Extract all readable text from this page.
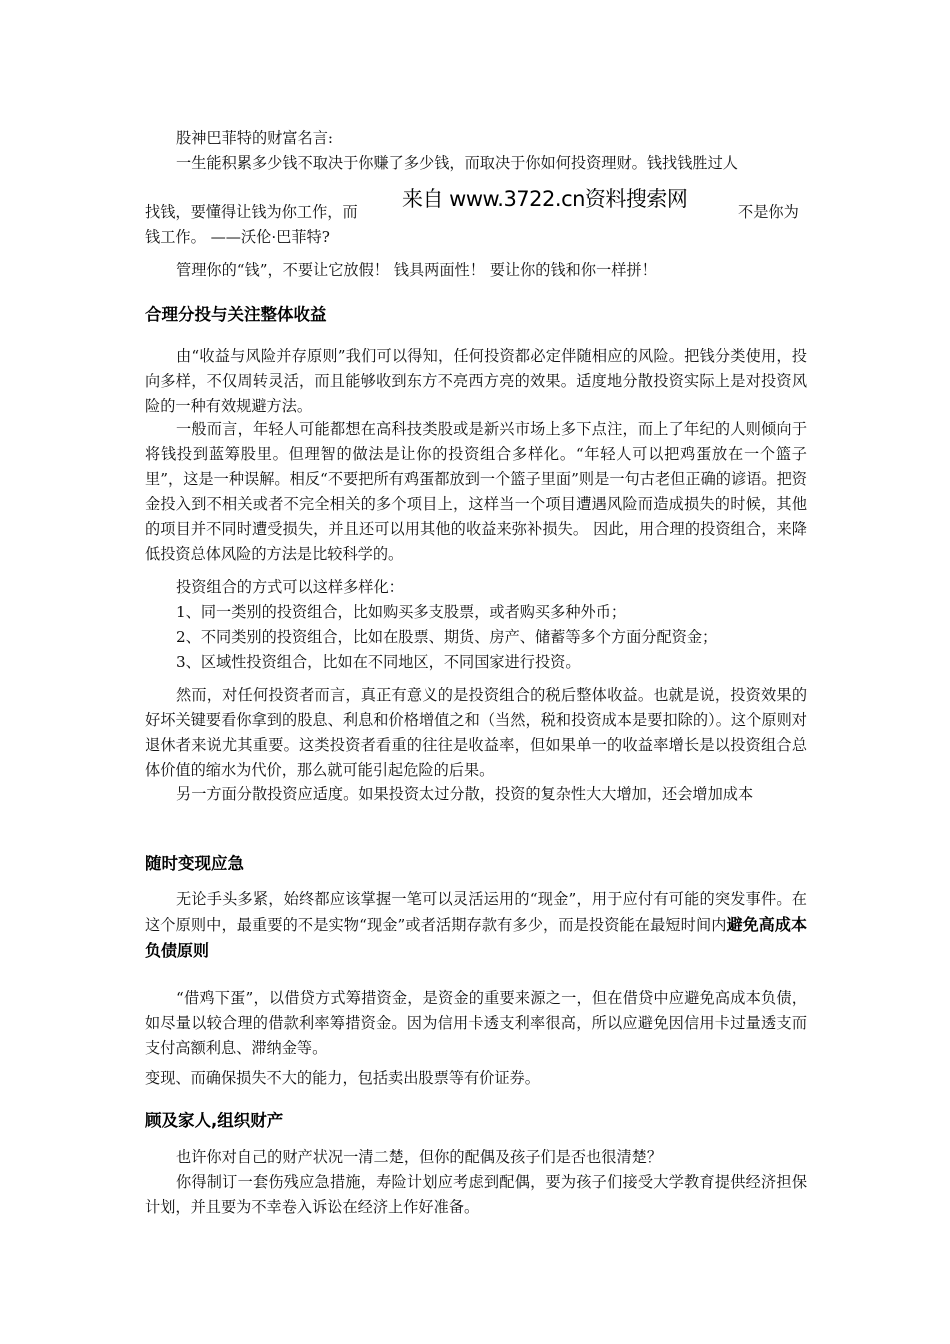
股神巴菲特的财富名言:
一生能积累多少钱不取决于你赚了多少钱，而取决于你如何投资理财。钱找钱胜过人
找钱，要懂得让钱为你工作，而	不是你为
来自 www.3722.cn资料搜索网
钱工作。 ——沃伦·巴菲特?
管理你的“钱”，不要让它放假！ 钱具两面性！ 要让你的钱和你一样拼！
合理分投与关注整体收益
由“收益与风险并存原则”我们可以得知，任何投资都必定伴随相应的风险。把钱分类使用，投向多样，不仅周转灵活，而且能够收到东方不亮西方亮的效果。适度地分散投资实际上是对投资风险的一种有效规避方法。
一般而言，年轻人可能都想在高科技类股或是新兴市场上多下点注，而上了年纪的人则倾向于将钱投到蓝筹股里。但理智的做法是让你的投资组合多样化。“年轻人可以把鸡蛋放在一个篮子里”，这是一种误解。相反“不要把所有鸡蛋都放到一个篮子里面”则是一句古老但正确的谚语。把资金投入到不相关或者不完全相关的多个项目上，这样当一个项目遭遇风险而造成损失的时候，其他的项目并不同时遭受损失，并且还可以用其他的收益来弥补损失。 因此，用合理的投资组合，来降低投资总体风险的方法是比较科学的。
投资组合的方式可以这样多样化：
1、同一类别的投资组合，比如购买多支股票，或者购买多种外币；
2、不同类别的投资组合，比如在股票、期货、房产、储蓄等多个方面分配资金；
3、区域性投资组合，比如在不同地区，不同国家进行投资。
然而，对任何投资者而言，真正有意义的是投资组合的税后整体收益。也就是说，投资效果的好坏关键要看你拿到的股息、利息和价格增值之和（当然，税和投资成本是要扣除的）。这个原则对退休者来说尤其重要。这类投资者看重的往往是收益率，但如果单一的收益率增长是以投资组合总体价值的缩水为代价，那么就可能引起危险的后果。
另一方面分散投资应适度。如果投资太过分散，投资的复杂性大大增加，还会增加成本
随时变现应急
无论手头多紧，始终都应该掌握一笔可以灵活运用的“现金”，用于应付有可能的突发事件。在这个原则中，最重要的不是实物“现金”或者活期存款有多少，而是投资能在最短时间内避免高成本负债原则
“借鸡下蛋”，以借贷方式筹措资金，是资金的重要来源之一，但在借贷中应避免高成本负债，如尽量以较合理的借款利率筹措资金。因为信用卡透支利率很高，所以应避免因信用卡过量透支而支付高额利息、滞纳金等。
变现、而确保损失不大的能力，包括卖出股票等有价证券。
顾及家人,组织财产
也许你对自己的财产状况一清二楚，但你的配偶及孩子们是否也很清楚？
你得制订一套伤残应急措施，寿险计划应考虑到配偶，要为孩子们接受大学教育提供经济担保计划，并且要为不幸卷入诉讼在经济上作好准备。
